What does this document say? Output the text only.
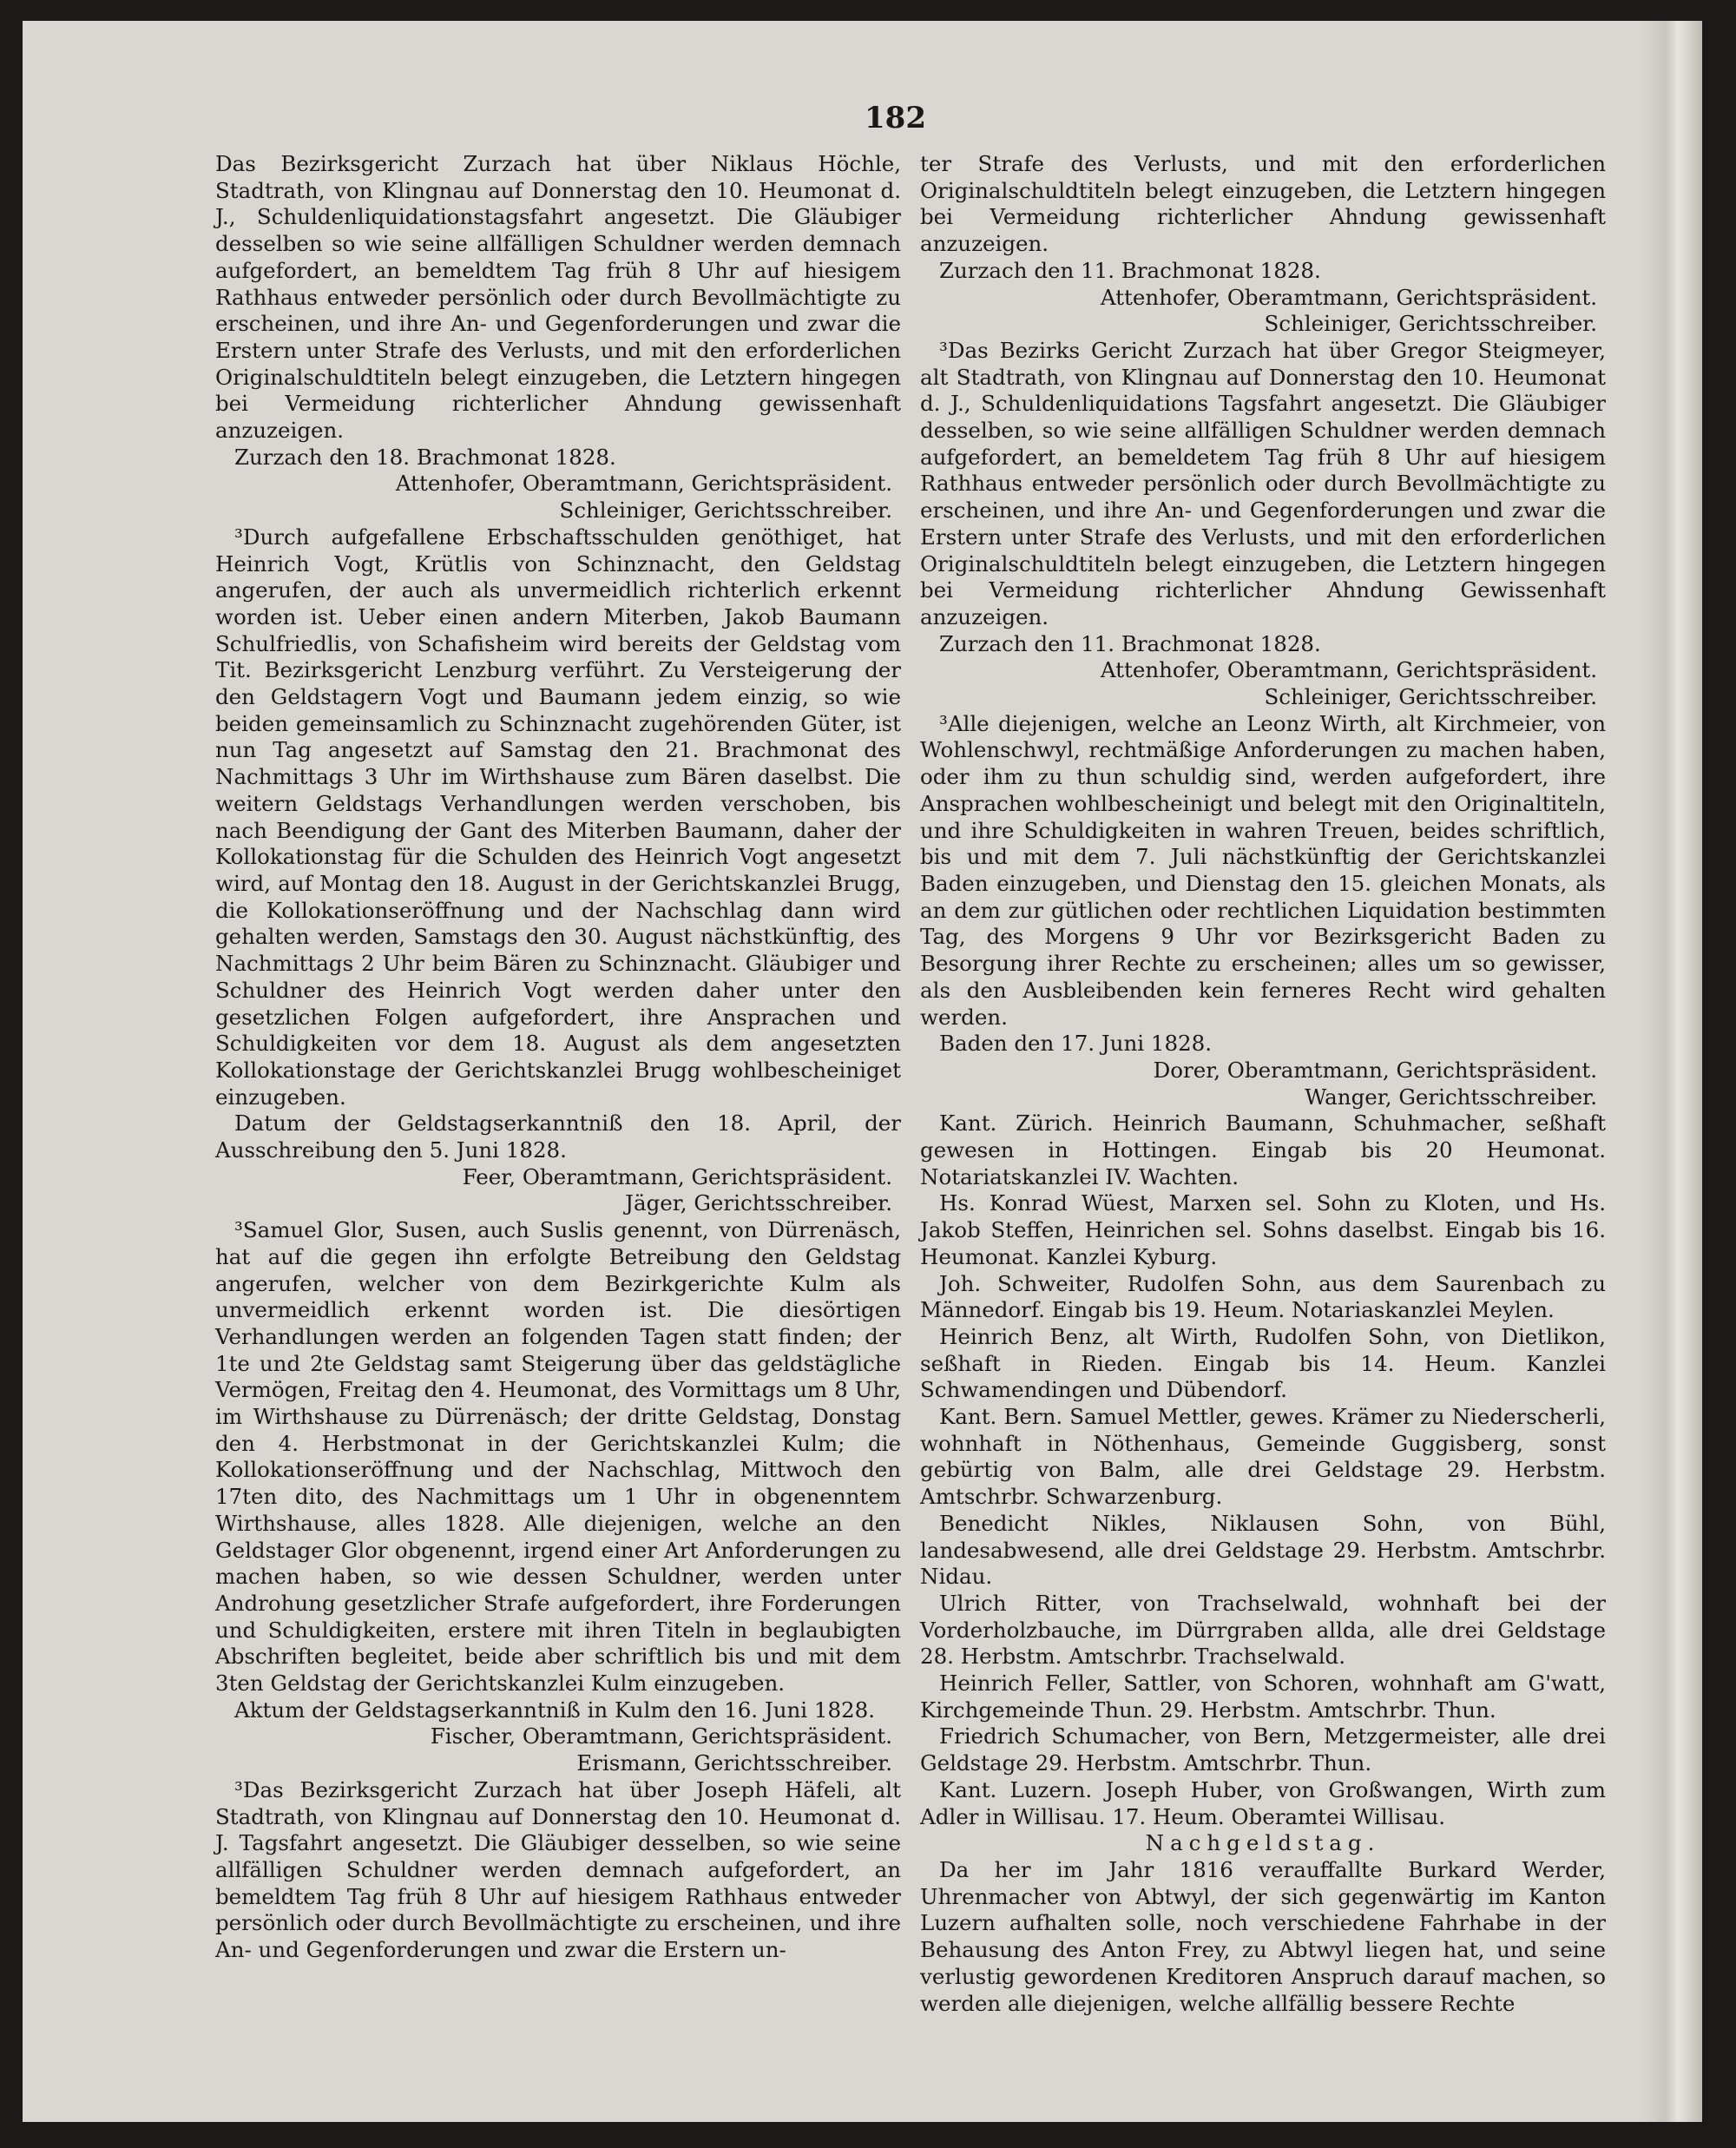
182

Das Bezirksgericht Zurzach hat über Niklaus Höchle, Stadtrath, von Klingnau auf Donnerstag den 10. Heumonat d. J., Schuldenliquidationstagsfahrt angesetzt. Die Gläubiger desselben so wie seine allfälligen Schuldner werden demnach aufgefordert, an bemeldtem Tag früh 8 Uhr auf hiesigem Rathhaus entweder persönlich oder durch Bevollmächtigte zu erscheinen, und ihre An- und Gegenforderungen und zwar die Erstern unter Strafe des Verlusts, und mit den erforderlichen Originalschuldtiteln belegt einzugeben, die Letztern hingegen bei Vermeidung richterlicher Ahndung gewissenhaft anzuzeigen.

Zurzach den 18. Brachmonat 1828.

Attenhofer, Oberamtmann, Gerichtspräsident.

Schleiniger, Gerichtsschreiber.

³Durch aufgefallene Erbschaftsschulden genöthiget, hat Heinrich Vogt, Krütlis von Schinznacht, den Geldstag angerufen, der auch als unvermeidlich richterlich erkennt worden ist. Ueber einen andern Miterben, Jakob Baumann Schulfriedlis, von Schafisheim wird bereits der Geldstag vom Tit. Bezirksgericht Lenzburg verführt. Zu Versteigerung der den Geldstagern Vogt und Baumann jedem einzig, so wie beiden gemeinsamlich zu Schinznacht zugehörenden Güter, ist nun Tag angesetzt auf Samstag den 21. Brachmonat des Nachmittags 3 Uhr im Wirthshause zum Bären daselbst. Die weitern Geldstags Verhandlungen werden verschoben, bis nach Beendigung der Gant des Miterben Baumann, daher der Kollokationstag für die Schulden des Heinrich Vogt angesetzt wird, auf Montag den 18. August in der Gerichtskanzlei Brugg, die Kollokationseröffnung und der Nachschlag dann wird gehalten werden, Samstags den 30. August nächstkünftig, des Nachmittags 2 Uhr beim Bären zu Schinznacht. Gläubiger und Schuldner des Heinrich Vogt werden daher unter den gesetzlichen Folgen aufgefordert, ihre Ansprachen und Schuldigkeiten vor dem 18. August als dem angesetzten Kollokationstage der Gerichtskanzlei Brugg wohlbescheiniget einzugeben.

Datum der Geldstagserkanntniß den 18. April, der Ausschreibung den 5. Juni 1828.

Feer, Oberamtmann, Gerichtspräsident.

Jäger, Gerichtsschreiber.

³Samuel Glor, Susen, auch Suslis genennt, von Dürrenäsch, hat auf die gegen ihn erfolgte Betreibung den Geldstag angerufen, welcher von dem Bezirkgerichte Kulm als unvermeidlich erkennt worden ist. Die diesörtigen Verhandlungen werden an folgenden Tagen statt finden; der 1te und 2te Geldstag samt Steigerung über das geldstägliche Vermögen, Freitag den 4. Heumonat, des Vormittags um 8 Uhr, im Wirthshause zu Dürrenäsch; der dritte Geldstag, Donstag den 4. Herbstmonat in der Gerichtskanzlei Kulm; die Kollokationseröffnung und der Nachschlag, Mittwoch den 17ten dito, des Nachmittags um 1 Uhr in obgenenntem Wirthshause, alles 1828. Alle diejenigen, welche an den Geldstager Glor obgenennt, irgend einer Art Anforderungen zu machen haben, so wie dessen Schuldner, werden unter Androhung gesetzlicher Strafe aufgefordert, ihre Forderungen und Schuldigkeiten, erstere mit ihren Titeln in beglaubigten Abschriften begleitet, beide aber schriftlich bis und mit dem 3ten Geldstag der Gerichtskanzlei Kulm einzugeben.

Aktum der Geldstagserkanntniß in Kulm den 16. Juni 1828.

Fischer, Oberamtmann, Gerichtspräsident.

Erismann, Gerichtsschreiber.

³Das Bezirksgericht Zurzach hat über Joseph Häfeli, alt Stadtrath, von Klingnau auf Donnerstag den 10. Heumonat d. J. Tagsfahrt angesetzt. Die Gläubiger desselben, so wie seine allfälligen Schuldner werden demnach aufgefordert, an bemeldtem Tag früh 8 Uhr auf hiesigem Rathhaus entweder persönlich oder durch Bevollmächtigte zu erscheinen, und ihre An- und Gegenforderungen und zwar die Erstern un-

ter Strafe des Verlusts, und mit den erforderlichen Originalschuldtiteln belegt einzugeben, die Letztern hingegen bei Vermeidung richterlicher Ahndung gewissenhaft anzuzeigen.

Zurzach den 11. Brachmonat 1828.

Attenhofer, Oberamtmann, Gerichtspräsident.

Schleiniger, Gerichtsschreiber.

³Das Bezirks Gericht Zurzach hat über Gregor Steigmeyer, alt Stadtrath, von Klingnau auf Donnerstag den 10. Heumonat d. J., Schuldenliquidations Tagsfahrt angesetzt. Die Gläubiger desselben, so wie seine allfälligen Schuldner werden demnach aufgefordert, an bemeldetem Tag früh 8 Uhr auf hiesigem Rathhaus entweder persönlich oder durch Bevollmächtigte zu erscheinen, und ihre An- und Gegenforderungen und zwar die Erstern unter Strafe des Verlusts, und mit den erforderlichen Originalschuldtiteln belegt einzugeben, die Letztern hingegen bei Vermeidung richterlicher Ahndung Gewissenhaft anzuzeigen.

Zurzach den 11. Brachmonat 1828.

Attenhofer, Oberamtmann, Gerichtspräsident.

Schleiniger, Gerichtsschreiber.

³Alle diejenigen, welche an Leonz Wirth, alt Kirchmeier, von Wohlenschwyl, rechtmäßige Anforderungen zu machen haben, oder ihm zu thun schuldig sind, werden aufgefordert, ihre Ansprachen wohlbescheinigt und belegt mit den Originaltiteln, und ihre Schuldigkeiten in wahren Treuen, beides schriftlich, bis und mit dem 7. Juli nächstkünftig der Gerichtskanzlei Baden einzugeben, und Dienstag den 15. gleichen Monats, als an dem zur gütlichen oder rechtlichen Liquidation bestimmten Tag, des Morgens 9 Uhr vor Bezirksgericht Baden zu Besorgung ihrer Rechte zu erscheinen; alles um so gewisser, als den Ausbleibenden kein ferneres Recht wird gehalten werden.

Baden den 17. Juni 1828.

Dorer, Oberamtmann, Gerichtspräsident.

Wanger, Gerichtsschreiber.

Kant. Zürich. Heinrich Baumann, Schuhmacher, seßhaft gewesen in Hottingen. Eingab bis 20 Heumonat. Notariatskanzlei IV. Wachten.

Hs. Konrad Wüest, Marxen sel. Sohn zu Kloten, und Hs. Jakob Steffen, Heinrichen sel. Sohns daselbst. Eingab bis 16. Heumonat. Kanzlei Kyburg.

Joh. Schweiter, Rudolfen Sohn, aus dem Saurenbach zu Männedorf. Eingab bis 19. Heum. Notariaskanzlei Meylen.

Heinrich Benz, alt Wirth, Rudolfen Sohn, von Dietlikon, seßhaft in Rieden. Eingab bis 14. Heum. Kanzlei Schwamendingen und Dübendorf.

Kant. Bern. Samuel Mettler, gewes. Krämer zu Niederscherli, wohnhaft in Nöthenhaus, Gemeinde Guggisberg, sonst gebürtig von Balm, alle drei Geldstage 29. Herbstm. Amtschrbr. Schwarzenburg.

Benedicht Nikles, Niklausen Sohn, von Bühl, landesabwesend, alle drei Geldstage 29. Herbstm. Amtschrbr. Nidau.

Ulrich Ritter, von Trachselwald, wohnhaft bei der Vorderholzbauche, im Dürrgraben allda, alle drei Geldstage 28. Herbstm. Amtschrbr. Trachselwald.

Heinrich Feller, Sattler, von Schoren, wohnhaft am G'watt, Kirchgemeinde Thun. 29. Herbstm. Amtschrbr. Thun.

Friedrich Schumacher, von Bern, Metzgermeister, alle drei Geldstage 29. Herbstm. Amtschrbr. Thun.

Kant. Luzern. Joseph Huber, von Großwangen, Wirth zum Adler in Willisau. 17. Heum. Oberamtei Willisau.

Nachgeldstag.

Da her im Jahr 1816 verauffallte Burkard Werder, Uhrenmacher von Abtwyl, der sich gegenwärtig im Kanton Luzern aufhalten solle, noch verschiedene Fahrhabe in der Behausung des Anton Frey, zu Abtwyl liegen hat, und seine verlustig gewordenen Kreditoren Anspruch darauf machen, so werden alle diejenigen, welche allfällig bessere Rechte
